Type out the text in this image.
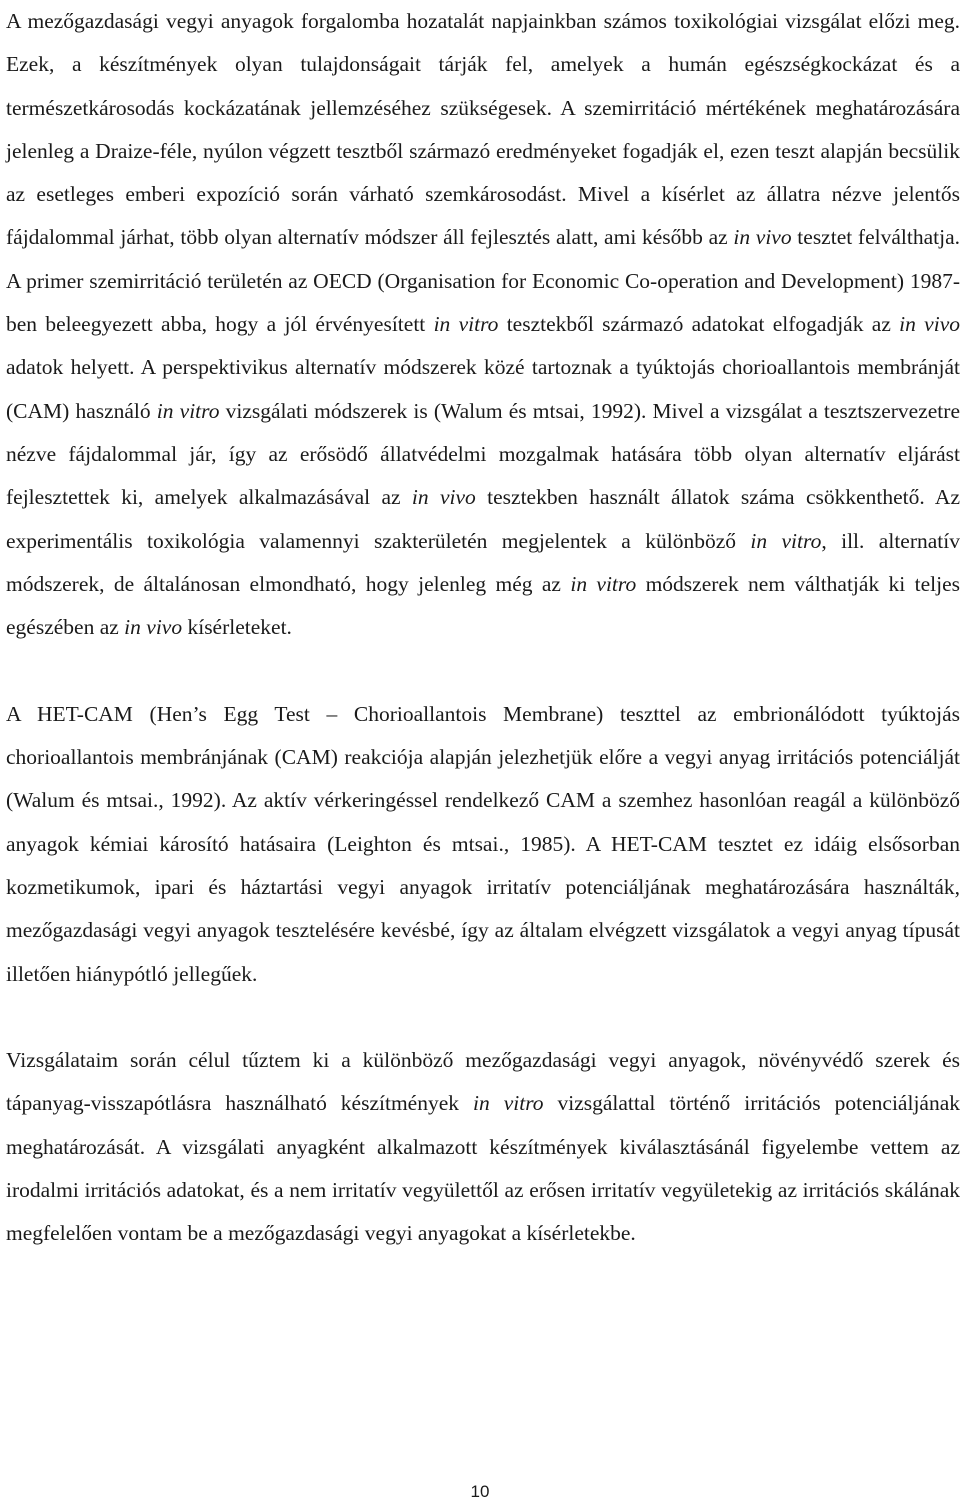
A mezőgazdasági vegyi anyagok forgalomba hozatalát napjainkban számos toxikológiai vizsgálat előzi meg. Ezek, a készítmények olyan tulajdonságait tárják fel, amelyek a humán egészségkockázat és a természetkárosodás kockázatának jellemzéséhez szükségesek. A szemirritáció mértékének meghatározására jelenleg a Draize-féle, nyúlon végzett tesztből származó eredményeket fogadják el, ezen teszt alapján becsülik az esetleges emberi expozíció során várható szemkárosodást. Mivel a kísérlet az állatra nézve jelentős fájdalommal járhat, több olyan alternatív módszer áll fejlesztés alatt, ami később az in vivo tesztet felválthatja. A primer szemirritáció területén az OECD (Organisation for Economic Co-operation and Development) 1987-ben beleegyezett abba, hogy a jól érvényesített in vitro tesztekből származó adatokat elfogadják az in vivo adatok helyett. A perspektivikus alternatív módszerek közé tartoznak a tyúktojás chorioallantois membránját (CAM) használó in vitro vizsgálati módszerek is (Walum és mtsai, 1992). Mivel a vizsgálat a tesztszervezetre nézve fájdalommal jár, így az erősödő állatvédelmi mozgalmak hatására több olyan alternatív eljárást fejlesztettek ki, amelyek alkalmazásával az in vivo tesztekben használt állatok száma csökkenthető. Az experimentális toxikológia valamennyi szakterületén megjelentek a különböző in vitro, ill. alternatív módszerek, de általánosan elmondható, hogy jelenleg még az in vitro módszerek nem válthatják ki teljes egészében az in vivo kísérleteket.

A HET-CAM (Hen’s Egg Test – Chorioallantois Membrane) teszttel az embrionálódott tyúktojás chorioallantois membránjának (CAM) reakciója alapján jelezhetjük előre a vegyi anyag irritációs potenciálját (Walum és mtsai., 1992). Az aktív vérkeringéssel rendelkező CAM a szemhez hasonlóan reagál a különböző anyagok kémiai károsító hatásaira (Leighton és mtsai., 1985). A HET-CAM tesztet ez idáig elsősorban kozmetikumok, ipari és háztartási vegyi anyagok irritatív potenciáljának meghatározására használták, mezőgazdasági vegyi anyagok tesztelésére kevésbé, így az általam elvégzett vizsgálatok a vegyi anyag típusát illetően hiánypótló jellegűek.

Vizsgálataim során célul tűztem ki a különböző mezőgazdasági vegyi anyagok, növényvédő szerek és tápanyag-visszapótlásra használható készítmények in vitro vizsgálattal történő irritációs potenciáljának meghatározását. A vizsgálati anyagként alkalmazott készítmények kiválasztásánál figyelembe vettem az irodalmi irritációs adatokat, és a nem irritatív vegyülettől az erősen irritatív vegyületekig az irritációs skálának megfelelően vontam be a mezőgazdasági vegyi anyagokat a kísérletekbe.

10
